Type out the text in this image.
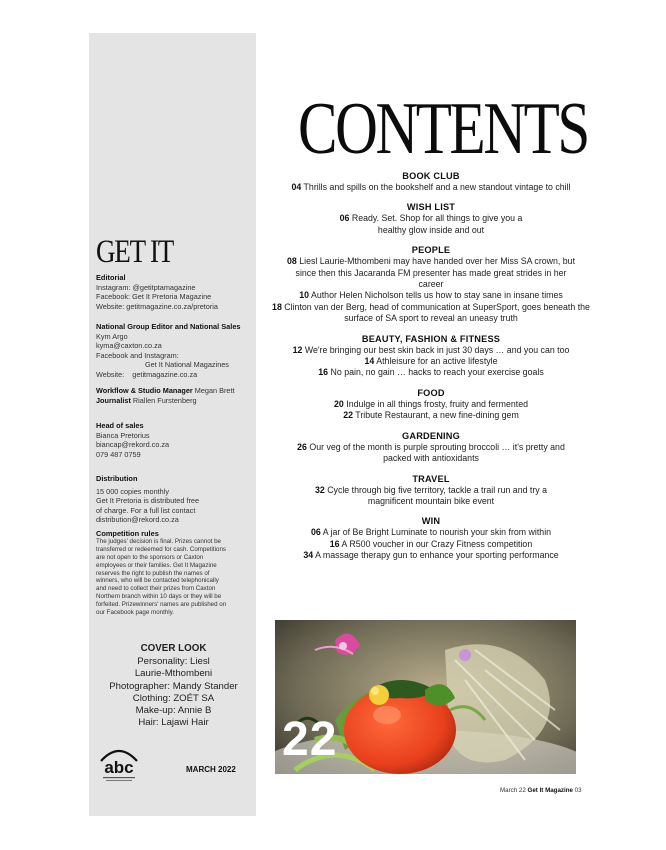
GET IT
Editorial
Instagram: @getitptamagazine
Facebook: Get It Pretoria Magazine
Website: getitmagazine.co.za/pretoria
National Group Editor and National Sales
Kym Argo
kyma@caxton.co.za
Facebook and Instagram:
Get It National Magazines
Website: getitmagazine.co.za
Workflow & Studio Manager Megan Brett
Journalist Riallen Furstenberg
Head of sales
Bianca Pretorius
biancap@rekord.co.za
079 487 0759
Distribution
15 000 copies monthly
Get It Pretoria is distributed free
of charge. For a full list contact
distribution@rekord.co.za
Competition rules
The judges' decision is final. Prizes cannot be
transferred or redeemed for cash. Competitions
are not open to the sponsors or Caxton
employees or their families. Get It Magazine
reserves the right to publish the names of
winners, who will be contacted telephonically
and need to collect their prizes from Caxton
Northern branch within 10 days or they will be
forfeited. Prizewinners' names are published on
our Facebook page monthly.
COVER LOOK
Personality: Liesl
Laurie-Mthombeni
Photographer: Mandy Stander
Clothing: ZOÉT SA
Make-up: Annie B
Hair: Lajawi Hair
abc	MARCH 2022
CONTENTS
BOOK CLUB
04 Thrills and spills on the bookshelf and a new standout vintage to chill
WISH LIST
06 Ready. Set. Shop for all things to give you a healthy glow inside and out
PEOPLE
08 Liesl Laurie-Mthombeni may have handed over her Miss SA crown, but since then this Jacaranda FM presenter has made great strides in her career
10 Author Helen Nicholson tells us how to stay sane in insane times
18 Clinton van der Berg, head of communication at SuperSport, goes beneath the surface of SA sport to reveal an uneasy truth
BEAUTY, FASHION & FITNESS
12 We're bringing our best skin back in just 30 days … and you can too
14 Athleisure for an active lifestyle
16 No pain, no gain … hacks to reach your exercise goals
FOOD
20 Indulge in all things frosty, fruity and fermented
22 Tribute Restaurant, a new fine-dining gem
GARDENING
26 Our veg of the month is purple sprouting broccoli … it's pretty and packed with antioxidants
TRAVEL
32 Cycle through big five territory, tackle a trail run and try a magnificent mountain bike event
WIN
06 A jar of Be Bright Luminate to nourish your skin from within
16 A R500 voucher in our Crazy Fitness competition
34 A massage therapy gun to enhance your sporting performance
22
March 22 Get It Magazine 03
